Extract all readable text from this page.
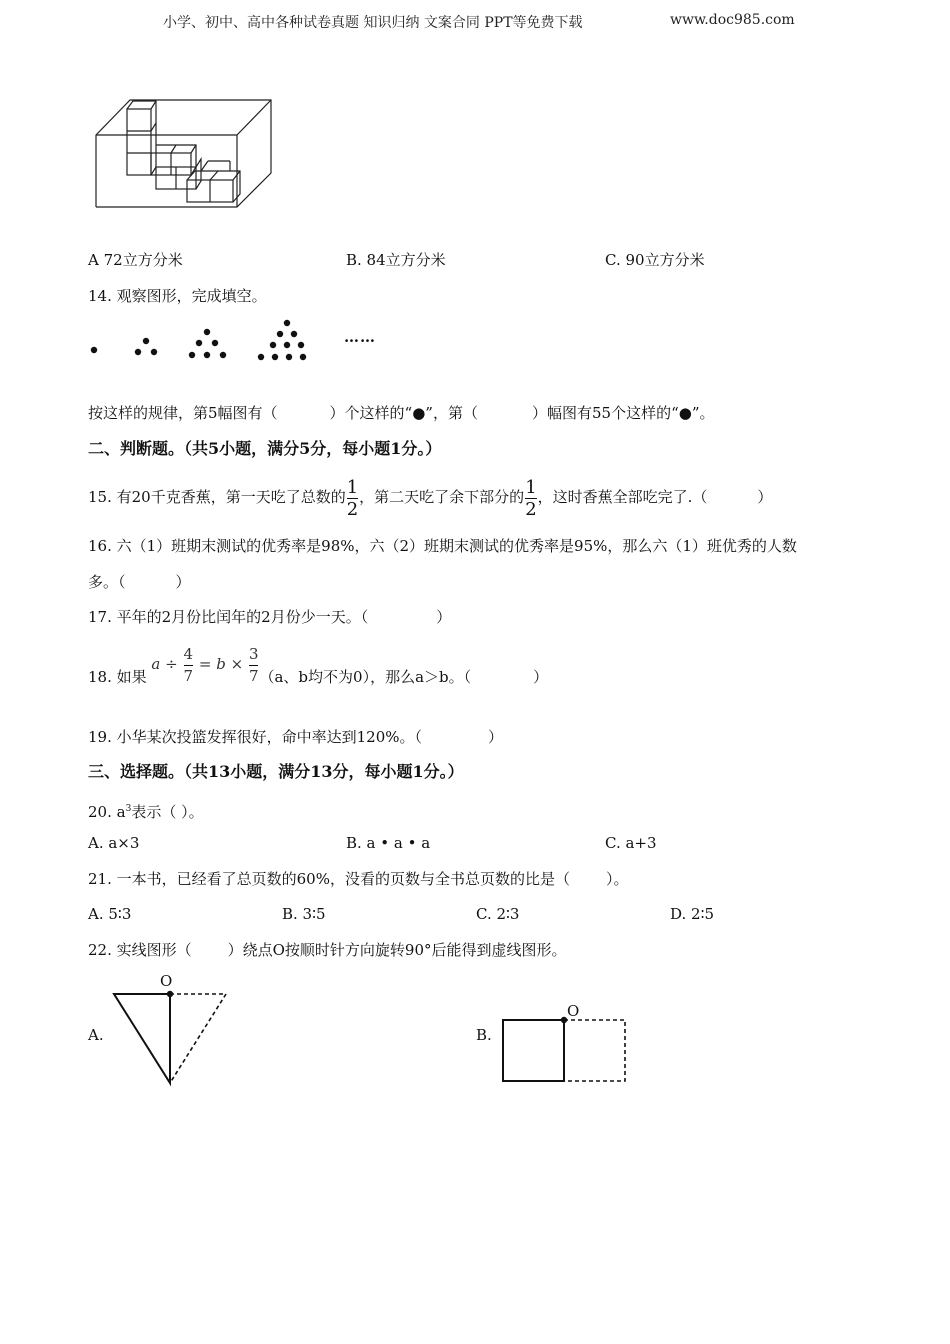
小学、初中、高中各种试卷真题 知识归纳 文案合同 PPT等免费下载	www.doc985.com
A 72立方分米	B. 84立方分米	C. 90立方分米
14. 观察图形，完成填空。
……
按这样的规律，第5幅图有（	）个这样的“●”，第（	）幅图有55个这样的“●”。
二、判断题。（共5小题，满分5分，每小题1分。）
15. 有20千克香蕉，第一天吃了总数的 $\frac{1}{2}$ ，第二天吃了余下部分的 $\frac{1}{2}$ ，这时香蕉全部吃完了.（	）
16. 六（1）班期末测试的优秀率是98%，六（2）班期末测试的优秀率是95%，那么六（1）班优秀的人数
多。（	）
17. 平年的2月份比闰年的2月份少一天。（	）
18. 如果 $a \div \frac{4}{7} = b \times \frac{3}{7} (a$、b均不为0），那么a＞b。（	）
19. 小华某次投篮发挥很好，命中率达到120%。（	）
三、选择题。（共13小题，满分13分，每小题1分。）
20. $a^3$表示（ ）。
A. a×3	B. a • a • a	C. a+3
21. 一本书，已经看了总页数的60%，没看的页数与全书总页数的比是（ ）。
A. 5∶3	B. 3∶5	C. 2∶3	D. 2∶5
22. 实线图形（ ）绕点O按顺时针方向旋转90°后能得到虚线图形。
A.
O
B.
O
